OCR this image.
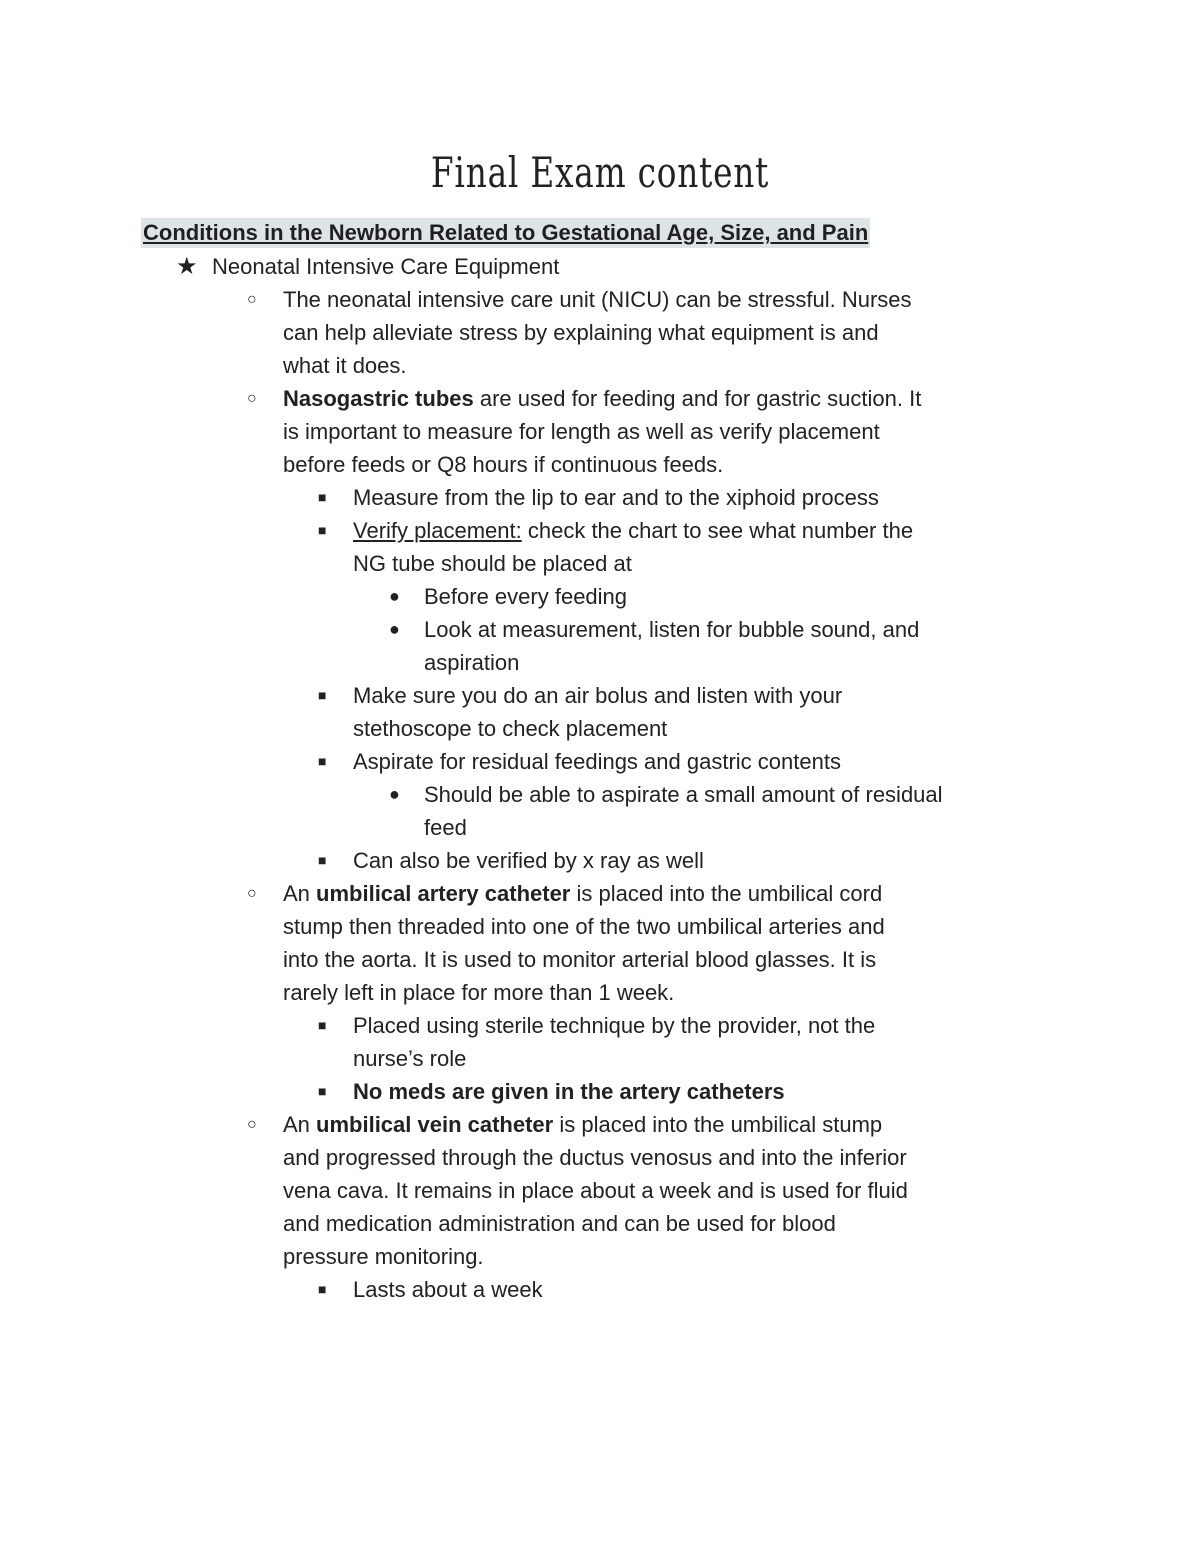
Final Exam content
Conditions in the Newborn Related to Gestational Age, Size, and Pain
★ Neonatal Intensive Care Equipment
○ The neonatal intensive care unit (NICU) can be stressful. Nurses
can help alleviate stress by explaining what equipment is and
what it does.
○ Nasogastric tubes are used for feeding and for gastric suction. It
is important to measure for length as well as verify placement
before feeds or Q8 hours if continuous feeds.
■ Measure from the lip to ear and to the xiphoid process
■ Verify placement: check the chart to see what number the
NG tube should be placed at
● Before every feeding
● Look at measurement, listen for bubble sound, and
aspiration
■ Make sure you do an air bolus and listen with your
stethoscope to check placement
■ Aspirate for residual feedings and gastric contents
● Should be able to aspirate a small amount of residual
feed
■ Can also be verified by x ray as well
○ An umbilical artery catheter is placed into the umbilical cord
stump then threaded into one of the two umbilical arteries and
into the aorta. It is used to monitor arterial blood glasses. It is
rarely left in place for more than 1 week.
■ Placed using sterile technique by the provider, not the
nurse’s role
■ No meds are given in the artery catheters
○ An umbilical vein catheter is placed into the umbilical stump
and progressed through the ductus venosus and into the inferior
vena cava. It remains in place about a week and is used for fluid
and medication administration and can be used for blood
pressure monitoring.
■ Lasts about a week
